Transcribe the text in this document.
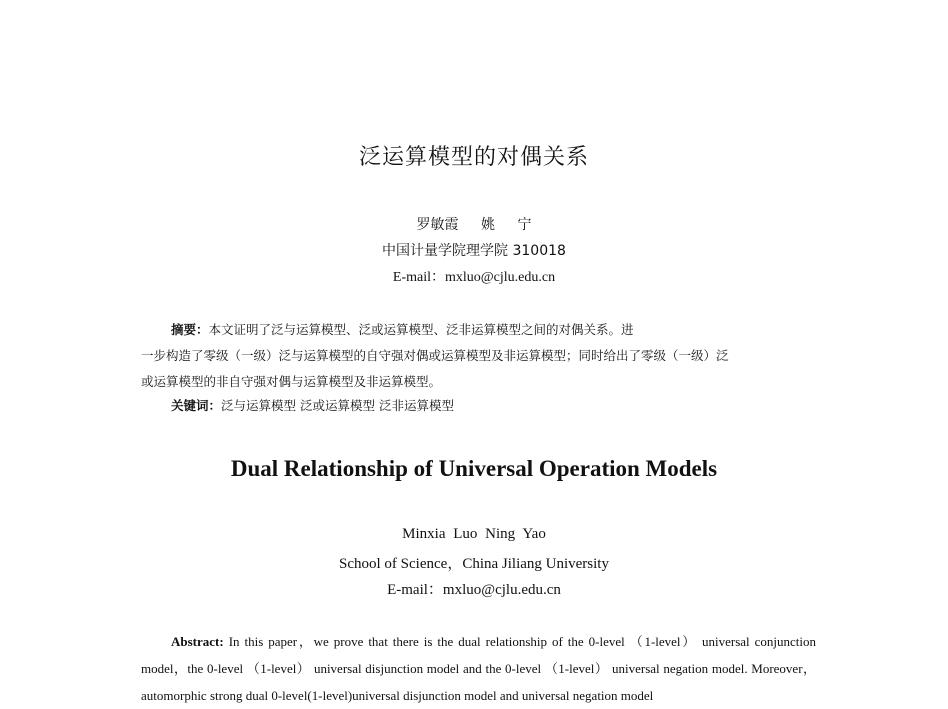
泛运算模型的对偶关系
罗敏霞 姚 宁
中国计量学院理学院 310018
E-mail：mxluo@cjlu.edu.cn
摘要：本文证明了泛与运算模型、泛或运算模型、泛非运算模型之间的对偶关系。进
一步构造了零级（一级）泛与运算模型的自守强对偶或运算模型及非运算模型；同时给出了零级（一级）泛
或运算模型的非自守强对偶与运算模型及非运算模型。
关键词：泛与运算模型 泛或运算模型 泛非运算模型
Dual Relationship of Universal Operation Models
Minxia Luo Ning Yao
School of Science，China Jiliang University
E-mail：mxluo@cjlu.edu.cn
Abstract: In this paper，we prove that there is the dual relationship of the 0-level （1-level） universal conjunction model，the 0-level （1-level） universal disjunction model and the 0-level （1-level） universal negation model. Moreover，automorphic strong dual 0-level(1-level)universal disjunction model and universal negation model
